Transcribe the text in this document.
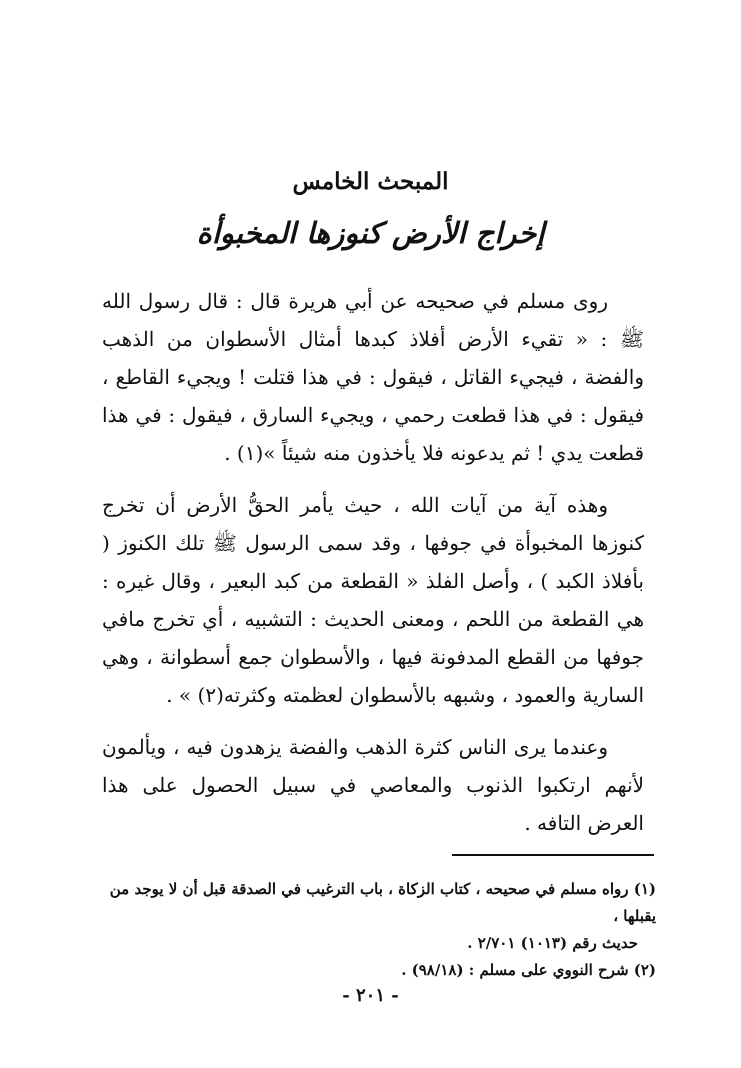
المبحث الخامس
إخراج الأرض كنوزها المخبوأة

روى مسلم في صحيحه عن أبي هريرة قال : قال رسول الله ﷺ : « تقيء الأرض أفلاذ كبدها أمثال الأسطوان من الذهب والفضة ، فيجيء القاتل ، فيقول : في هذا قتلت ! ويجيء القاطع ، فيقول : في هذا قطعت رحمي ، ويجيء السارق ، فيقول : في هذا قطعت يدي ! ثم يدعونه فلا يأخذون منه شيئاً »(١) .

وهذه آية من آيات الله ، حيث يأمر الحقُّ الأرض أن تخرج كنوزها المخبوأة في جوفها ، وقد سمى الرسول ﷺ تلك الكنوز ( بأفلاذ الكبد ) ، وأصل الفلذ « القطعة من كبد البعير ، وقال غيره : هي القطعة من اللحم ، ومعنى الحديث : التشبيه ، أي تخرج مافي جوفها من القطع المدفونة فيها ، والأسطوان جمع أسطوانة ، وهي السارية والعمود ، وشبهه بالأسطوان لعظمته وكثرته(٢) » .

وعندما يرى الناس كثرة الذهب والفضة يزهدون فيه ، ويألمون لأنهم ارتكبوا الذنوب والمعاصي في سبيل الحصول على هذا العرض التافه .

(١) رواه مسلم في صحيحه ، كتاب الزكاة ، باب الترغيب في الصدقة قبل أن لا يوجد من يقبلها ،

حديث رقم (١٠١٣) ٢/٧٠١ .

(٢) شرح النووي على مسلم : (٩٨/١٨) .

- ٢٠١ -
